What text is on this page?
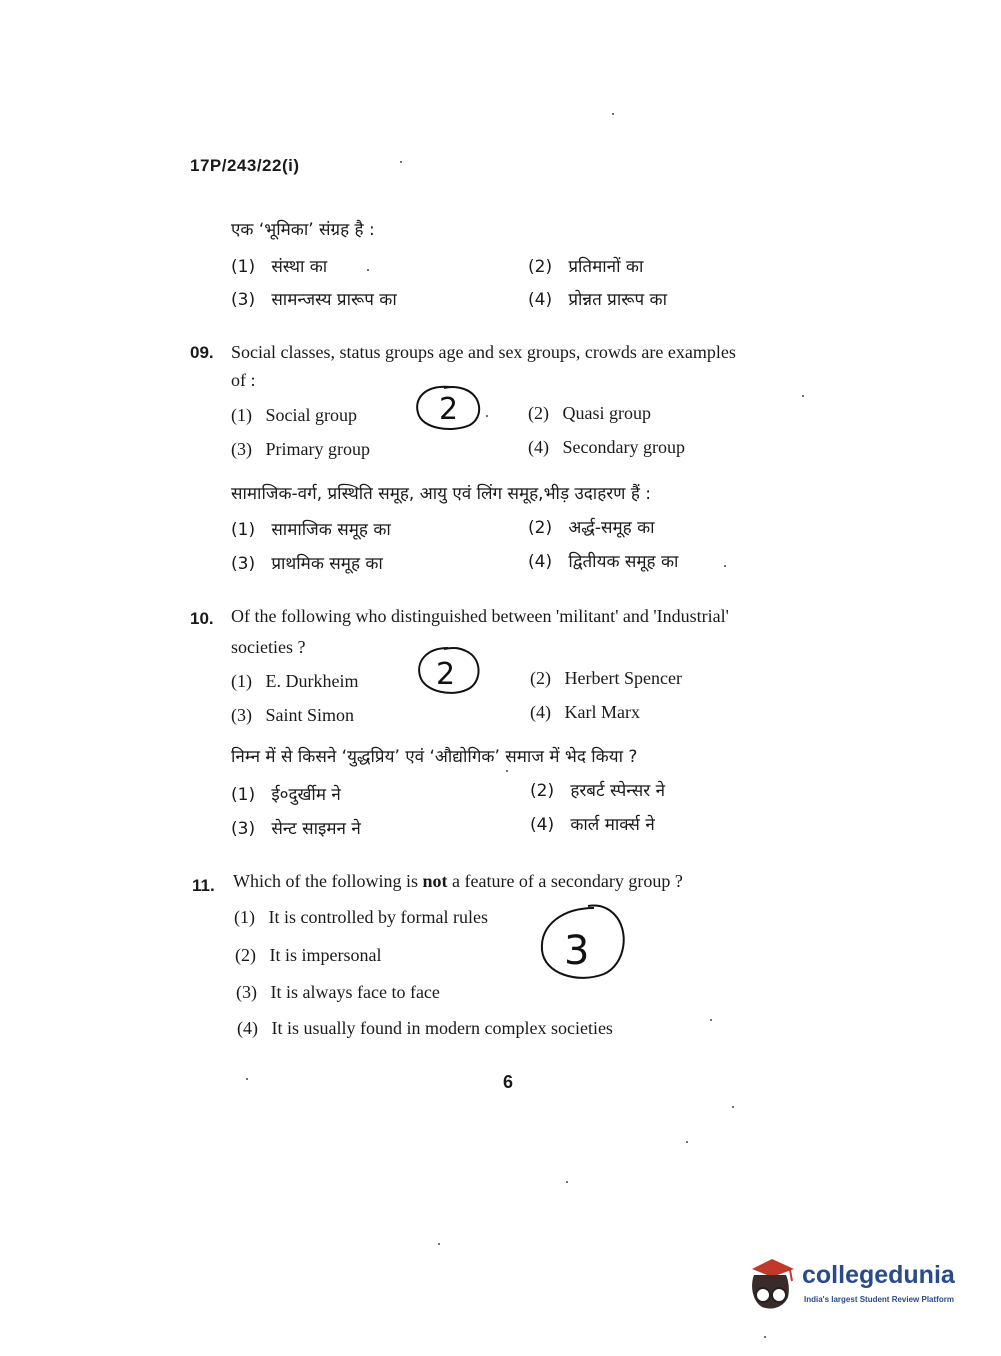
17P/243/22(i)
एक ‘भूमिका’ संग्रह है :
(1) संस्था का	(2) प्रतिमानों का
(3) सामन्जस्य प्रारूप का	(4) प्रोन्नत प्रारूप का
09. Social classes, status groups age and sex groups, crowds are examples
of :
(1) Social group	(2) Quasi group
(3) Primary group	(4) Secondary group
2
सामाजिक-वर्ग, प्रस्थिति समूह, आयु एवं लिंग समूह,भीड़ उदाहरण हैं :
(1) सामाजिक समूह का	(2) अर्द्ध-समूह का
(3) प्राथमिक समूह का	(4) द्वितीयक समूह का
10. Of the following who distinguished between 'militant' and 'Industrial'
societies ?
(1) E. Durkheim	(2) Herbert Spencer
(3) Saint Simon	(4) Karl Marx
2
निम्न में से किसने ‘युद्धप्रिय’ एवं ‘औद्योगिक’ समाज में भेद किया ?
(1) ई०दुर्खीम ने	(2) हरबर्ट स्पेन्सर ने
(3) सेन्ट साइमन ने	(4) कार्ल मार्क्स ने
11. Which of the following is not a feature of a secondary group ?
(1) It is controlled by formal rules
(2) It is impersonal
(3) It is always face to face
(4) It is usually found in modern complex societies
3
6
collegedunia
India's largest Student Review Platform
